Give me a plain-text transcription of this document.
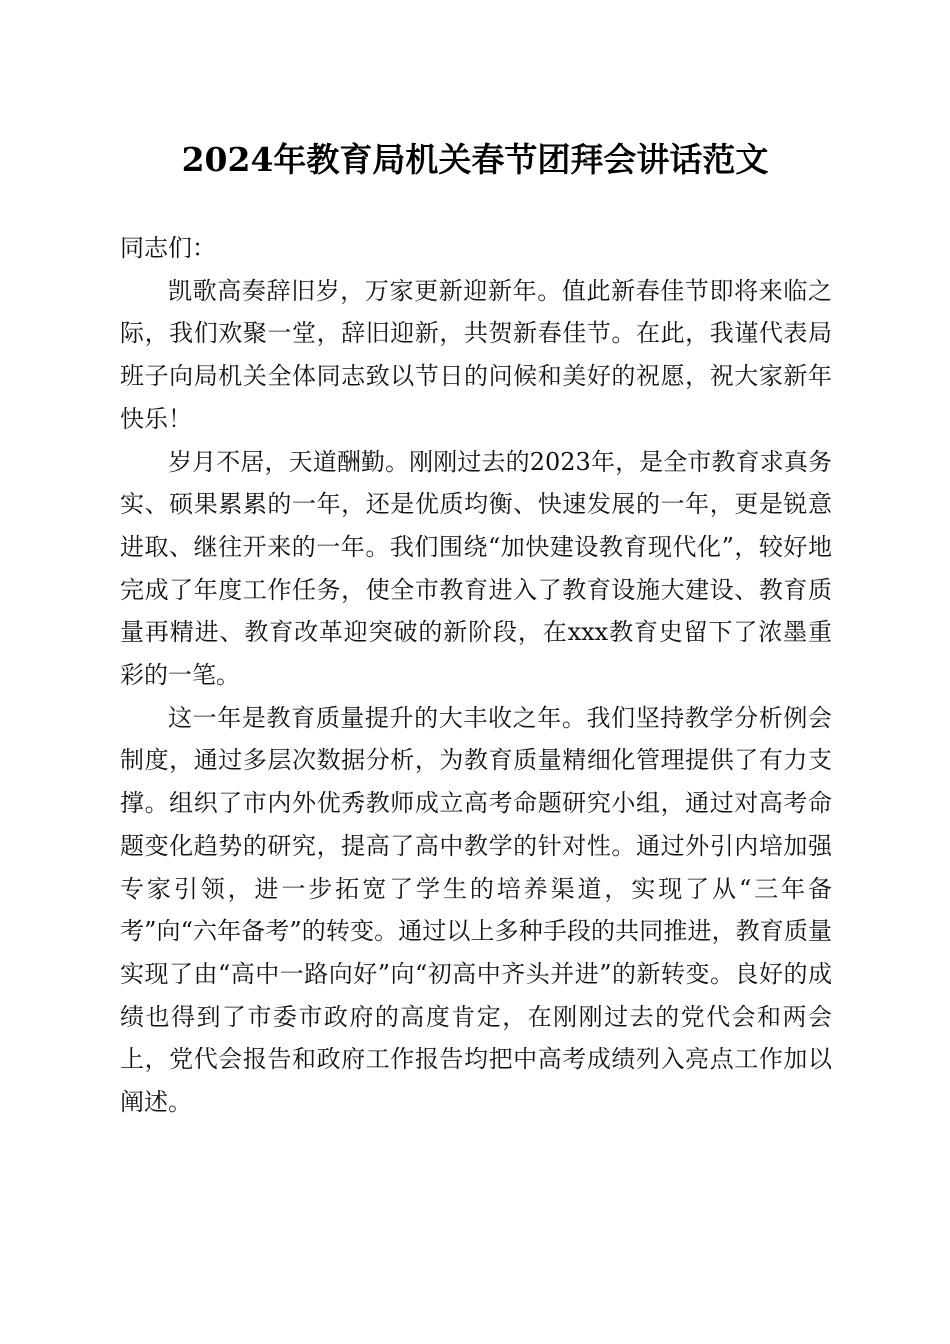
2024年教育局机关春节团拜会讲话范文

同志们：

凯歌高奏辞旧岁，万家更新迎新年。值此新春佳节即将来临之际，我们欢聚一堂，辞旧迎新，共贺新春佳节。在此，我谨代表局班子向局机关全体同志致以节日的问候和美好的祝愿，祝大家新年快乐！

岁月不居，天道酬勤。刚刚过去的2023年，是全市教育求真务实、硕果累累的一年，还是优质均衡、快速发展的一年，更是锐意进取、继往开来的一年。我们围绕“加快建设教育现代化”，较好地完成了年度工作任务，使全市教育进入了教育设施大建设、教育质量再精进、教育改革迎突破的新阶段，在xxx教育史留下了浓墨重彩的一笔。

这一年是教育质量提升的大丰收之年。我们坚持教学分析例会制度，通过多层次数据分析，为教育质量精细化管理提供了有力支撑。组织了市内外优秀教师成立高考命题研究小组，通过对高考命题变化趋势的研究，提高了高中教学的针对性。通过外引内培加强专家引领，进一步拓宽了学生的培养渠道，实现了从“三年备考”向“六年备考”的转变。通过以上多种手段的共同推进，教育质量实现了由“高中一路向好”向“初高中齐头并进”的新转变。良好的成绩也得到了市委市政府的高度肯定，在刚刚过去的党代会和两会上，党代会报告和政府工作报告均把中高考成绩列入亮点工作加以阐述。
